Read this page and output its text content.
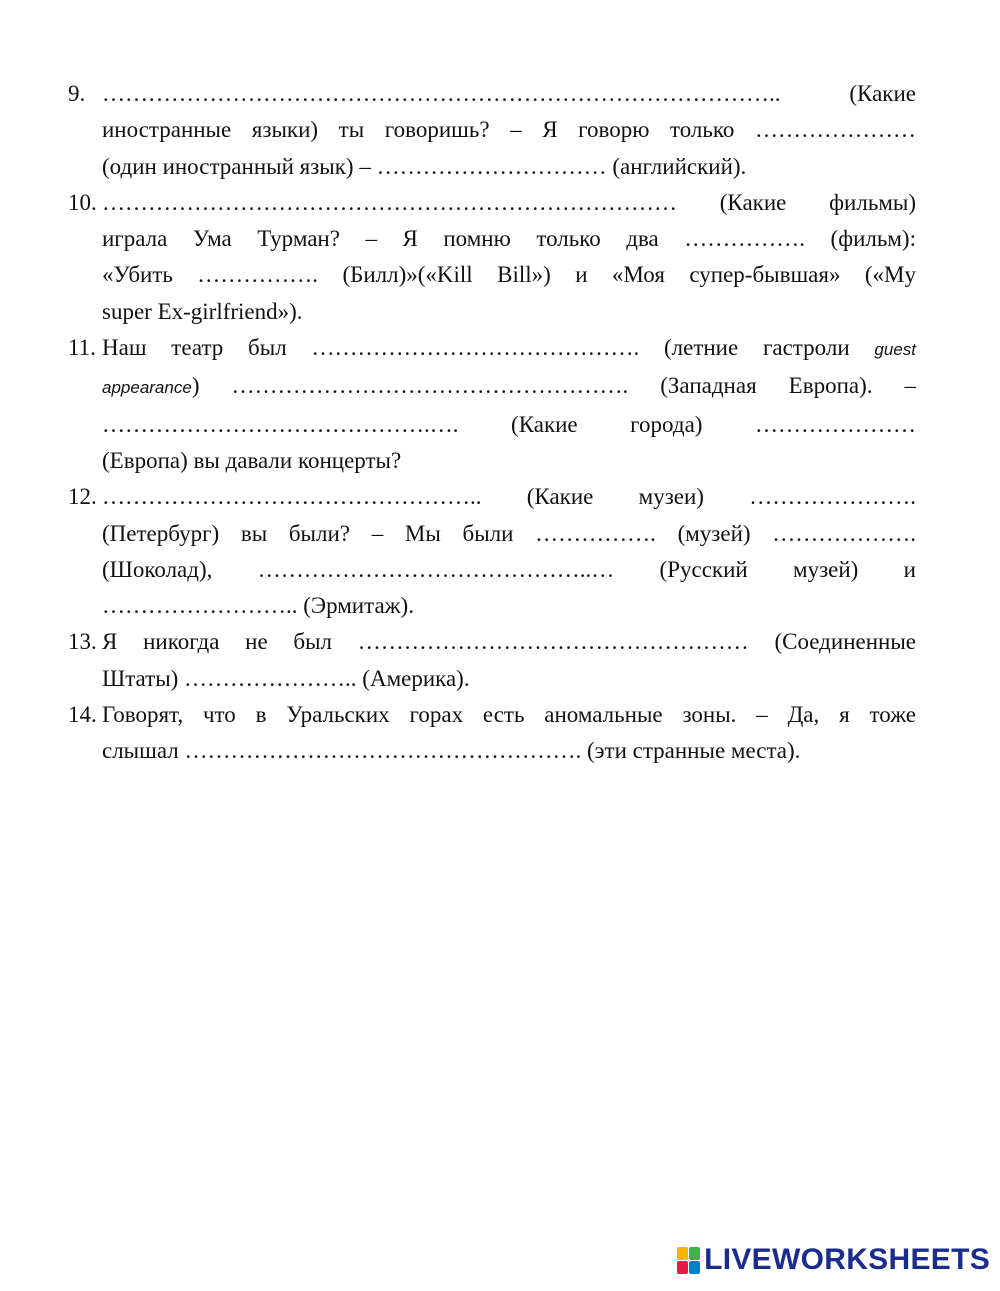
9. …………………………………………………………………………….. (Какие
иностранные языки) ты говоришь? – Я говорю только …………………
(один иностранный язык) – ………………………… (английский).
10. ………………………………………………………………… (Какие фильмы)
играла Ума Турман? – Я помню только два ……………. (фильм):
«Убить ……………. (Билл)»(«Kill Bill») и «Моя супер-бывшая» («My
super Ex-girlfriend»).
11. Наш театр был ……………………………………. (летние гастроли guest
appearance) ……………………………………………. (Западная Европа). –
…………………………………….…. (Какие города) …………………
(Европа) вы давали концерты?
12. ………………………………………….. (Какие музеи) ………………….
(Петербург) вы были? – Мы были ……………. (музей) ……………….
(Шоколад), ……………………………………..… (Русский музей) и
…………………….. (Эрмитаж).
13. Я никогда не был …………………………………………… (Соединенные
Штаты) ………………….. (Америка).
14. Говорят, что в Уральских горах есть аномальные зоны. – Да, я тоже
слышал ……………………………………………. (эти странные места).
LIVEWORKSHEETS
